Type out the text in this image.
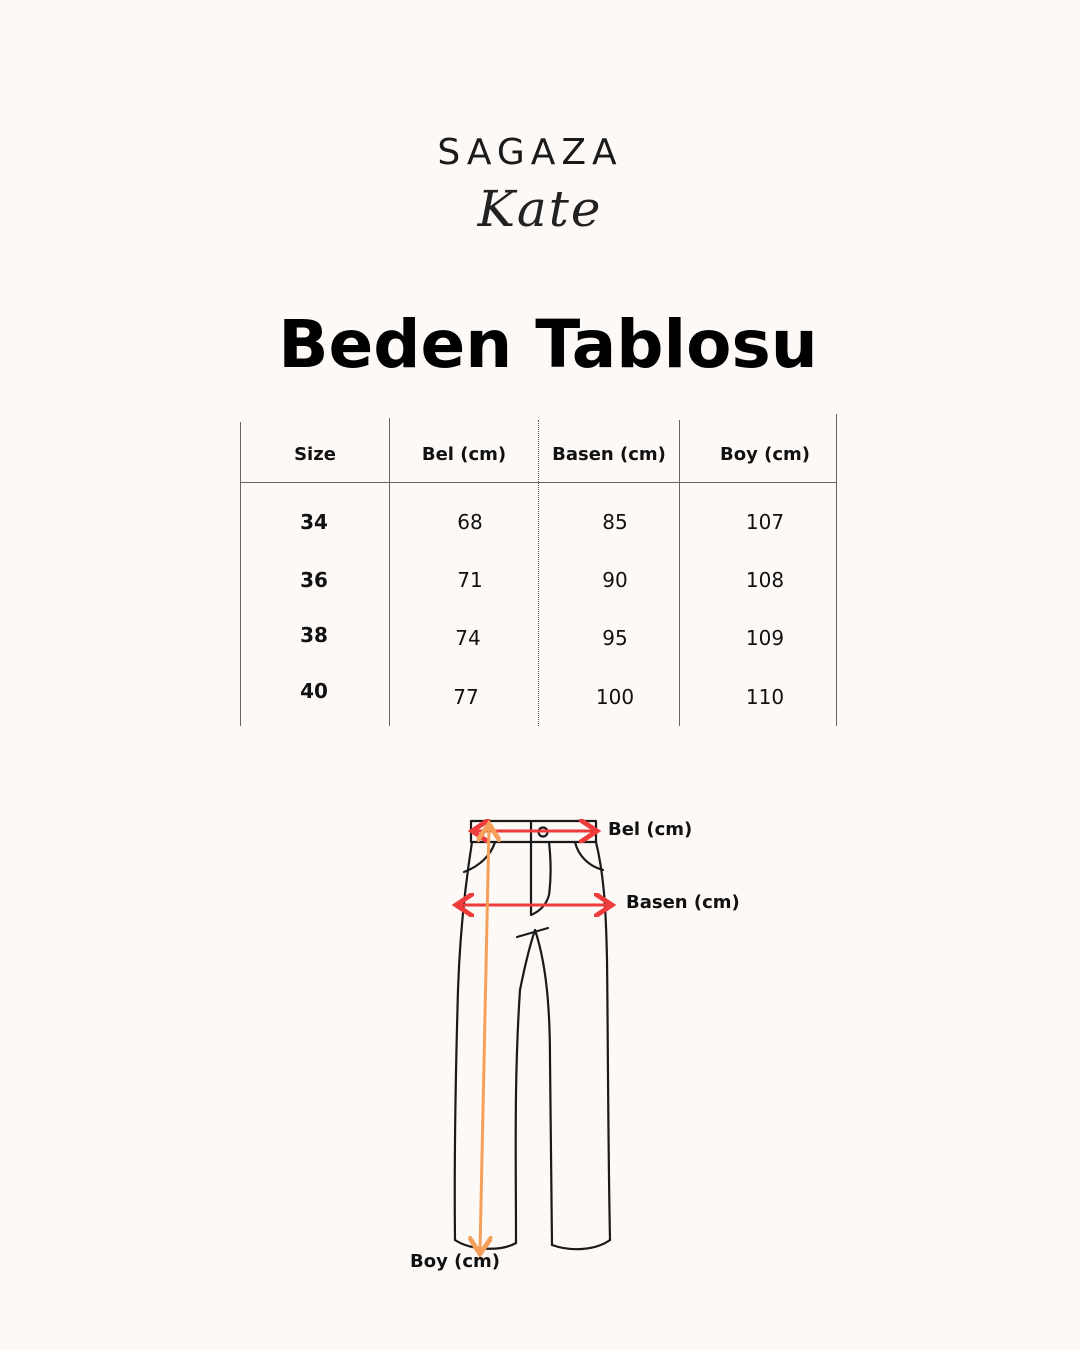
SAGAZA
Kate
Beden Tablosu
Size	Bel (cm)	Basen (cm)	Boy (cm)
34	68	85	107
36	71	90	108
38	74	95	109
40	77	100	110
Bel (cm)
Basen (cm)
Boy (cm)
